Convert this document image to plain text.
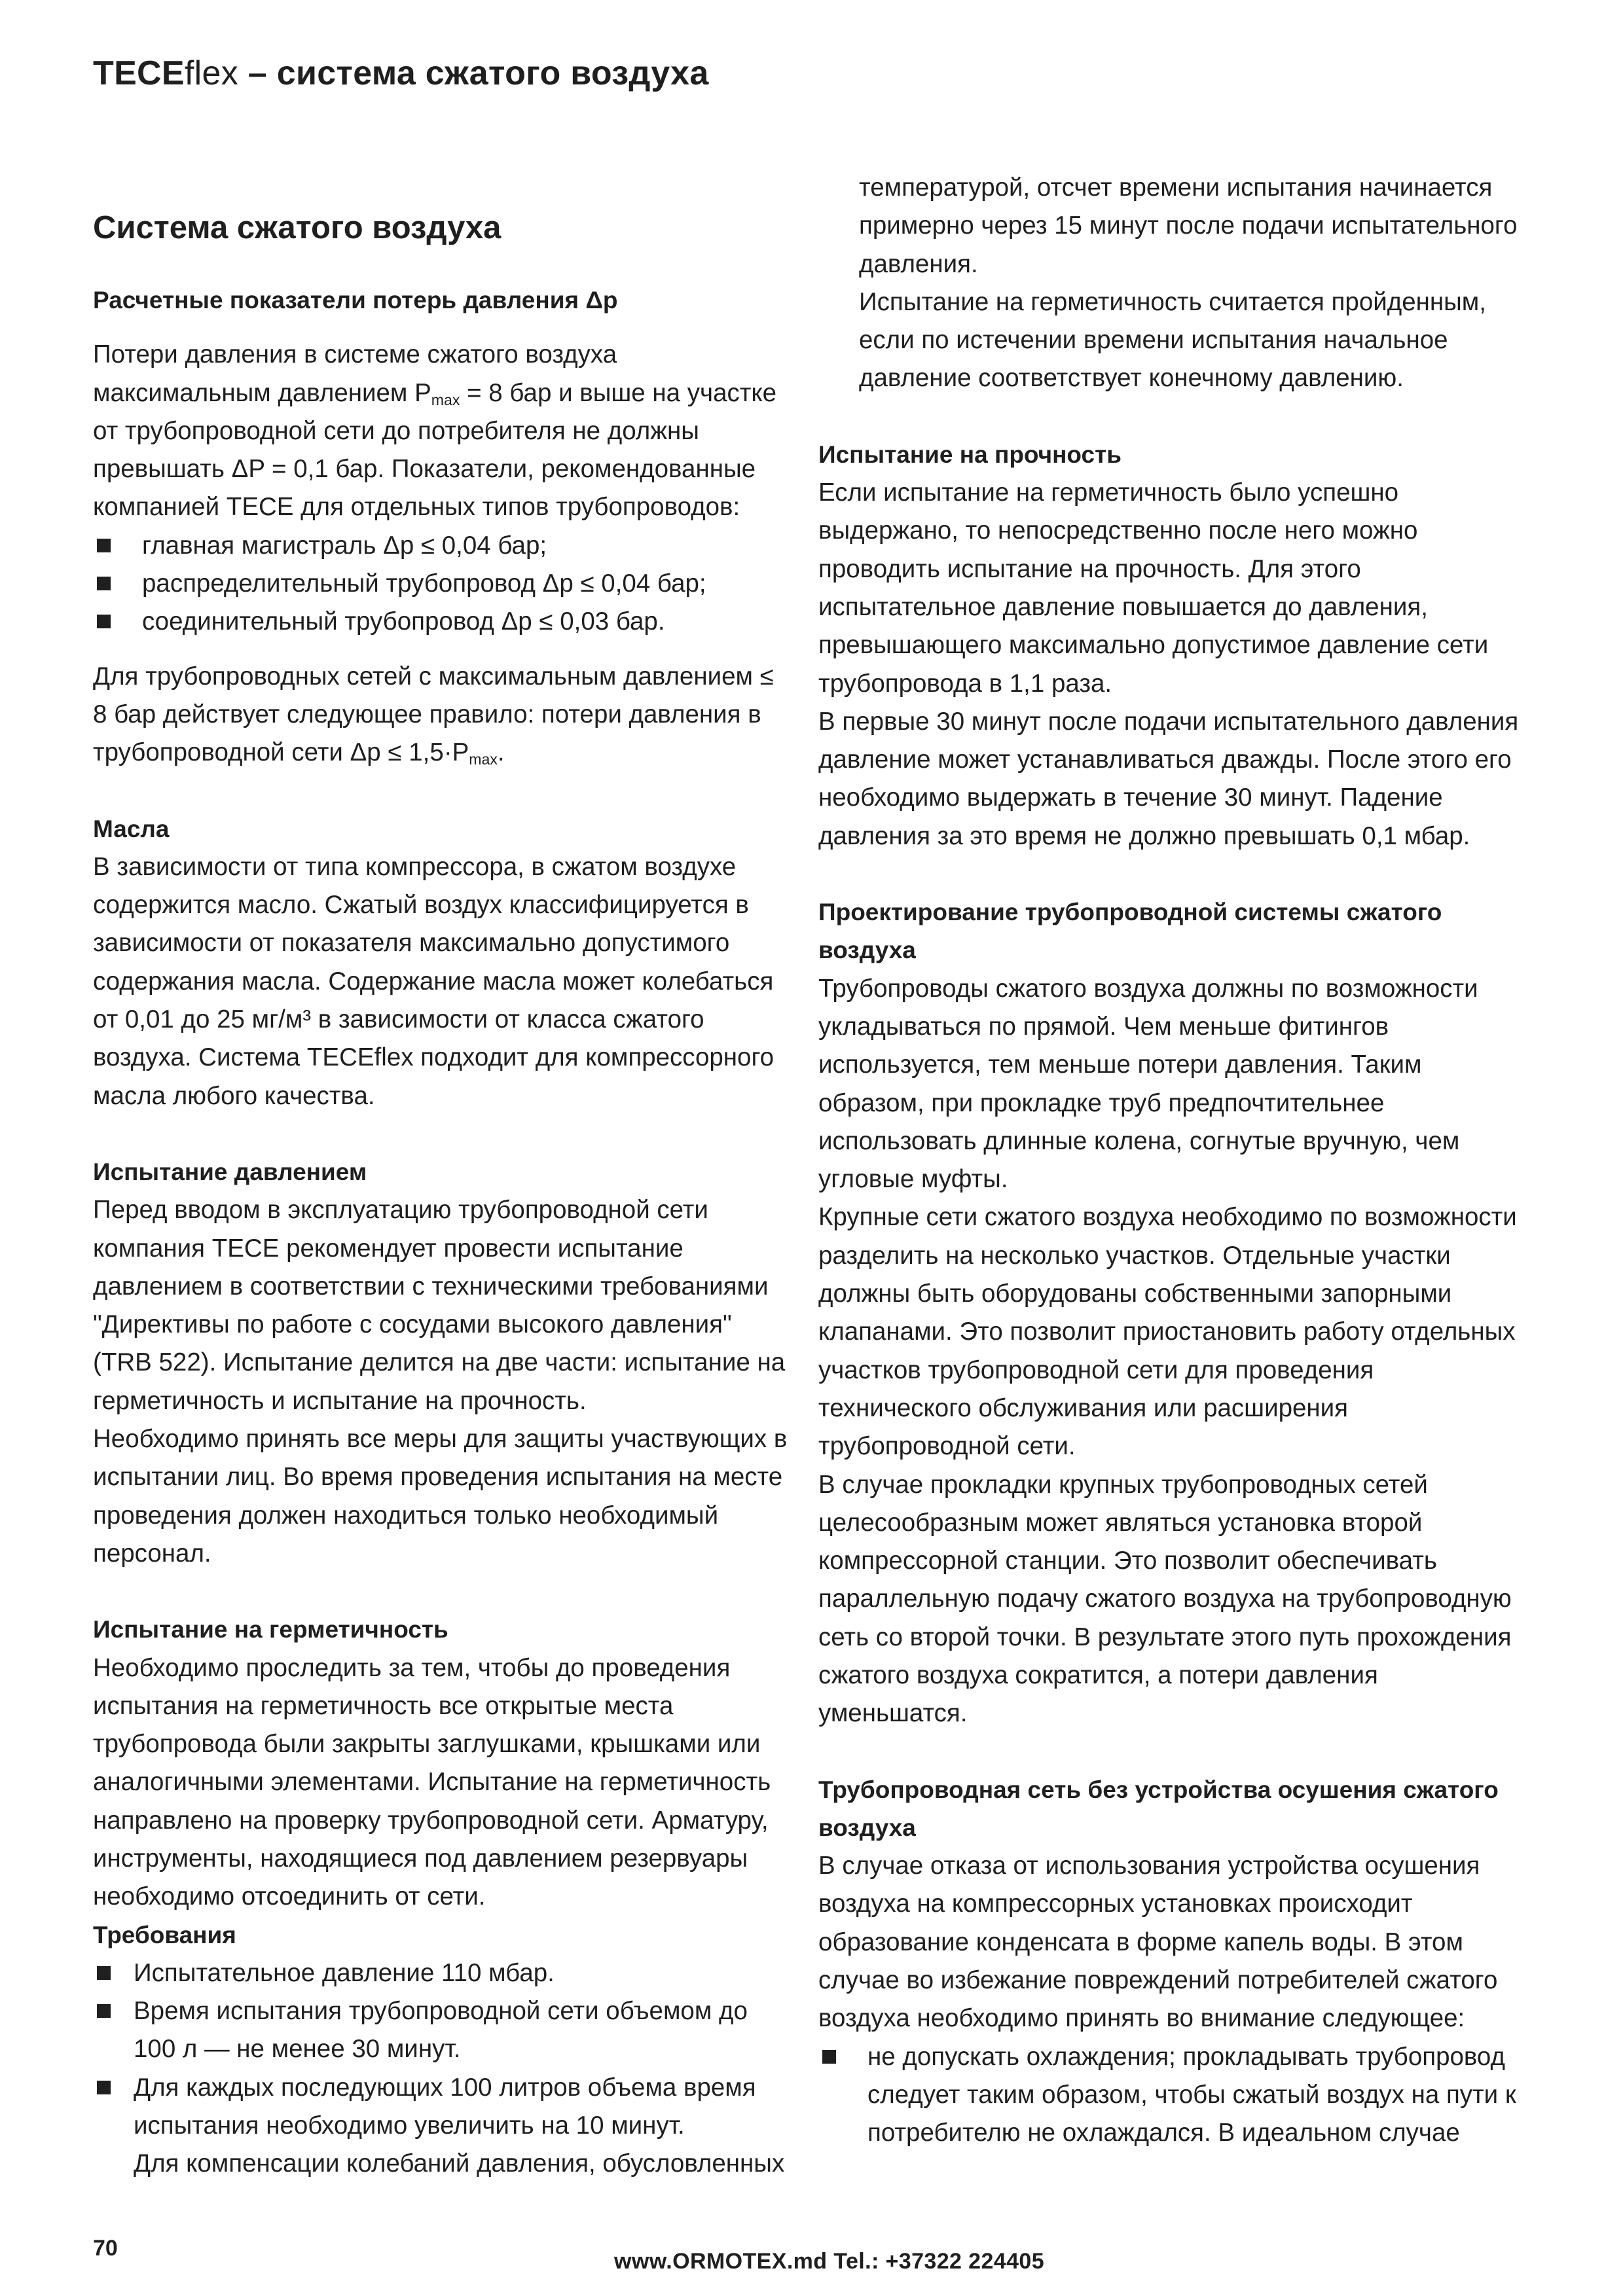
TECEflex – система сжатого воздуха
Система сжатого воздуха

Расчетные показатели потерь давления Δp

Потери давления в системе сжатого воздуха максимальным давлением $P_{max} = 8$ бар и выше на участке от трубопроводной сети до потребителя не должны превышать ΔP = 0,1 бар. Показатели, рекомендованные компанией TECE для отдельных типов трубопроводов:

главная магистраль Δp ≤ 0,04 бар;
распределительный трубопровод Δp ≤ 0,04 бар;
соединительный трубопровод Δp ≤ 0,03 бар.

Для трубопроводных сетей с максимальным давлением ≤ 8 бар действует следующее правило: потери давления в трубопроводной сети $\Delta p \le 1,5\cdot P_{max}$.

Масла

В зависимости от типа компрессора, в сжатом воздухе содержится масло. Сжатый воздух классифицируется в зависимости от показателя максимально допустимого содержания масла. Содержание масла может колебаться от 0,01 до 25 мг/м³ в зависимости от класса сжатого воздуха. Система TECEflex подходит для компрессорного масла любого качества.

Испытание давлением

Перед вводом в эксплуатацию трубопроводной сети компания TECE рекомендует провести испытание давлением в соответствии с техническими требованиями "Директивы по работе с сосудами высокого давления" (TRB 522). Испытание делится на две части: испытание на герметичность и испытание на прочность.

Необходимо принять все меры для защиты участвующих в испытании лиц. Во время проведения испытания на месте проведения должен находиться только необходимый персонал.

Испытание на герметичность

Необходимо проследить за тем, чтобы до проведения испытания на герметичность все открытые места трубопровода были закрыты заглушками, крышками или аналогичными элементами. Испытание на герметичность направлено на проверку трубопроводной сети. Арматуру, инструменты, находящиеся под давлением резервуары необходимо отсоединить от сети.

Требования

Испытательное давление 110 мбар.
Время испытания трубопроводной сети объемом до 100 л — не менее 30 минут.
Для каждых последующих 100 литров объема время испытания необходимо увеличить на 10 минут.

Для компенсации колебаний давления, обусловленных

температурой, отсчет времени испытания начинается примерно через 15 минут после подачи испытательного давления.

Испытание на герметичность считается пройденным, если по истечении времени испытания начальное давление соответствует конечному давлению.

Испытание на прочность

Если испытание на герметичность было успешно выдержано, то непосредственно после него можно проводить испытание на прочность. Для этого испытательное давление повышается до давления, превышающего максимально допустимое давление сети трубопровода в 1,1 раза.

В первые 30 минут после подачи испытательного давления давление может устанавливаться дважды. После этого его необходимо выдержать в течение 30 минут. Падение давления за это время не должно превышать 0,1 мбар.

Проектирование трубопроводной системы сжатого воздуха

Трубопроводы сжатого воздуха должны по возможности укладываться по прямой. Чем меньше фитингов используется, тем меньше потери давления. Таким образом, при прокладке труб предпочтительнее использовать длинные колена, согнутые вручную, чем угловые муфты.

Крупные сети сжатого воздуха необходимо по возможности разделить на несколько участков. Отдельные участки должны быть оборудованы собственными запорными клапанами. Это позволит приостановить работу отдельных участков трубопроводной сети для проведения технического обслуживания или расширения трубопроводной сети.

В случае прокладки крупных трубопроводных сетей целесообразным может являться установка второй компрессорной станции. Это позволит обеспечивать параллельную подачу сжатого воздуха на трубопроводную сеть со второй точки. В результате этого путь прохождения сжатого воздуха сократится, а потери давления уменьшатся.

Трубопроводная сеть без устройства осушения сжатого воздуха

В случае отказа от использования устройства осушения воздуха на компрессорных установках происходит образование конденсата в форме капель воды. В этом случае во избежание повреждений потребителей сжатого воздуха необходимо принять во внимание следующее:

не допускать охлаждения; прокладывать трубопровод следует таким образом, чтобы сжатый воздух на пути к потребителю не охлаждался. В идеальном случае
70
www.ORMOTEX.md Tel.: +37322 224405
